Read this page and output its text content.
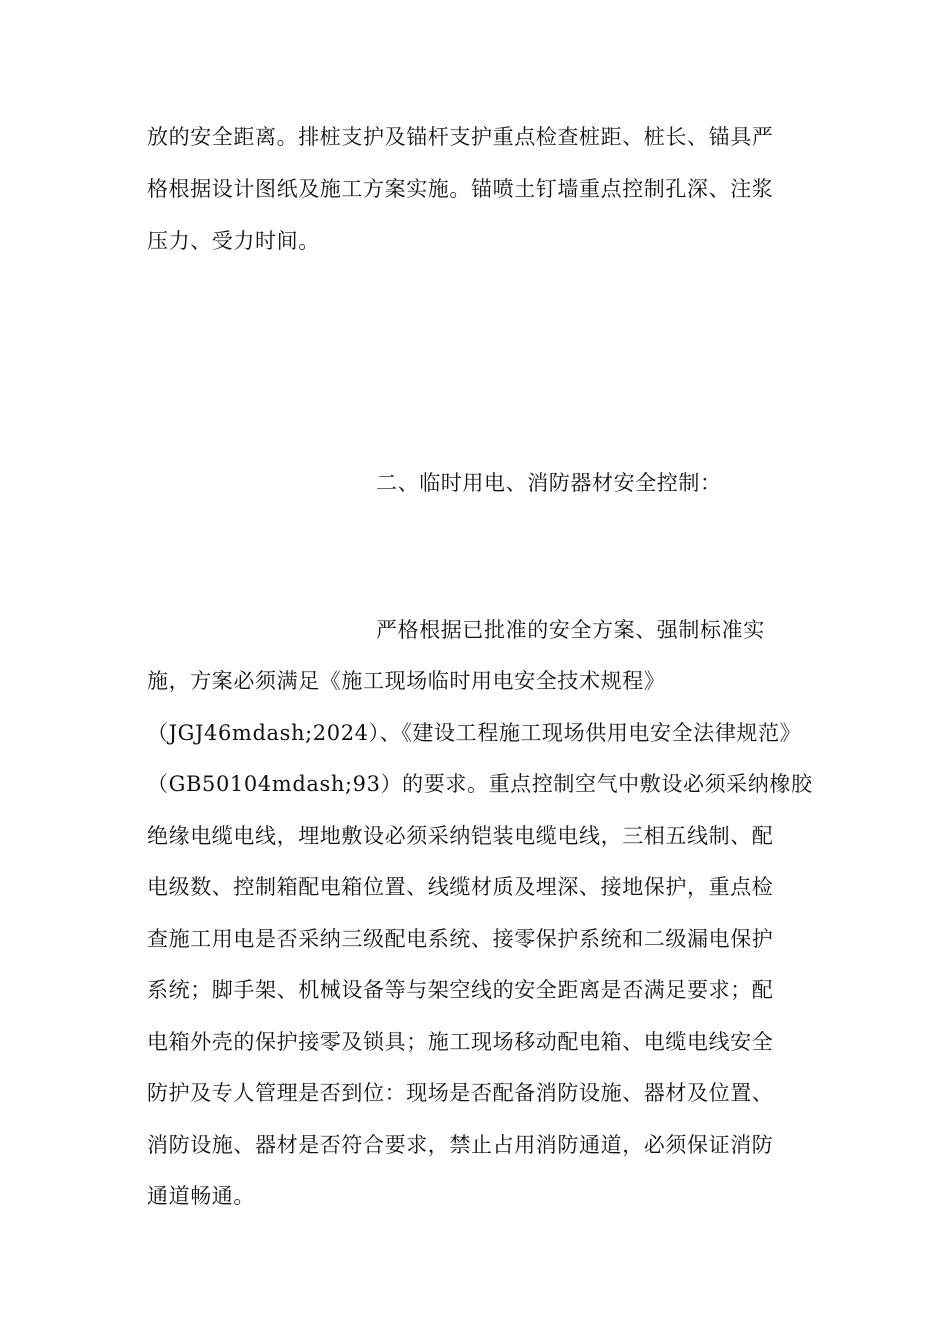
放的安全距离。排桩支护及锚杆支护重点检查桩距、桩长、锚具严
格根据设计图纸及施工方案实施。锚喷土钉墙重点控制孔深、注浆
压力、受力时间。
二、临时用电、消防器材安全控制：
严格根据已批准的安全方案、强制标准实
施，方案必须满足《施工现场临时用电安全技术规程》
（JGJ46mdash;2024）、《建设工程施工现场供用电安全法律规范》
（GB50104mdash;93）的要求。重点控制空气中敷设必须采纳橡胶
绝缘电缆电线，埋地敷设必须采纳铠装电缆电线，三相五线制、配
电级数、控制箱配电箱位置、线缆材质及埋深、接地保护，重点检
查施工用电是否采纳三级配电系统、接零保护系统和二级漏电保护
系统；脚手架、机械设备等与架空线的安全距离是否满足要求；配
电箱外壳的保护接零及锁具；施工现场移动配电箱、电缆电线安全
防护及专人管理是否到位：现场是否配备消防设施、器材及位置、
消防设施、器材是否符合要求，禁止占用消防通道，必须保证消防
通道畅通。
